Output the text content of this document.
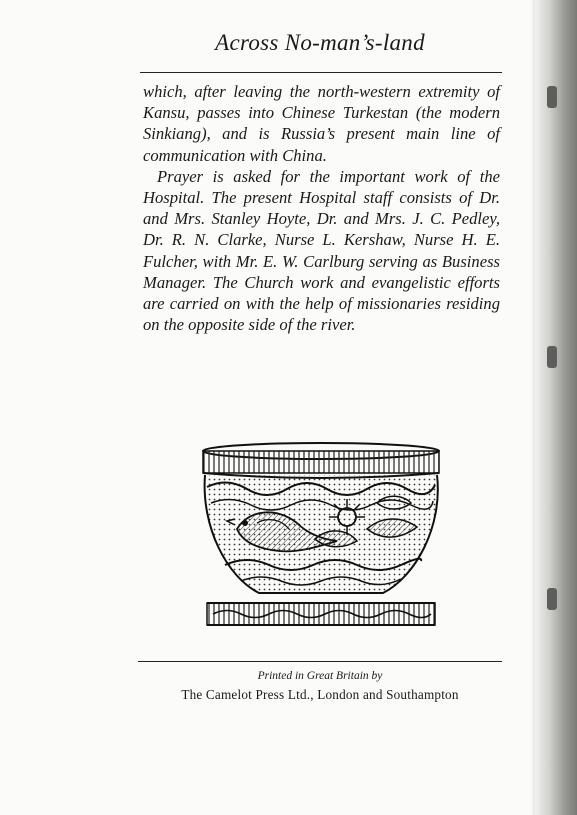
Across No-man’s-land

which, after leaving the north-western extremity of Kansu, passes into Chinese Turkestan (the modern Sinkiang), and is Russia’s present main line of communication with China.

Prayer is asked for the important work of the Hospital. The present Hospital staff consists of Dr. and Mrs. Stanley Hoyte, Dr. and Mrs. J. C. Pedley, Dr. R. N. Clarke, Nurse L. Kershaw, Nurse H. E. Fulcher, with Mr. E. W. Carlburg serving as Business Manager. The Church work and evangelistic efforts are carried on with the help of missionaries residing on the opposite side of the river.

Printed in Great Britain by
The Camelot Press Ltd., London and Southampton
